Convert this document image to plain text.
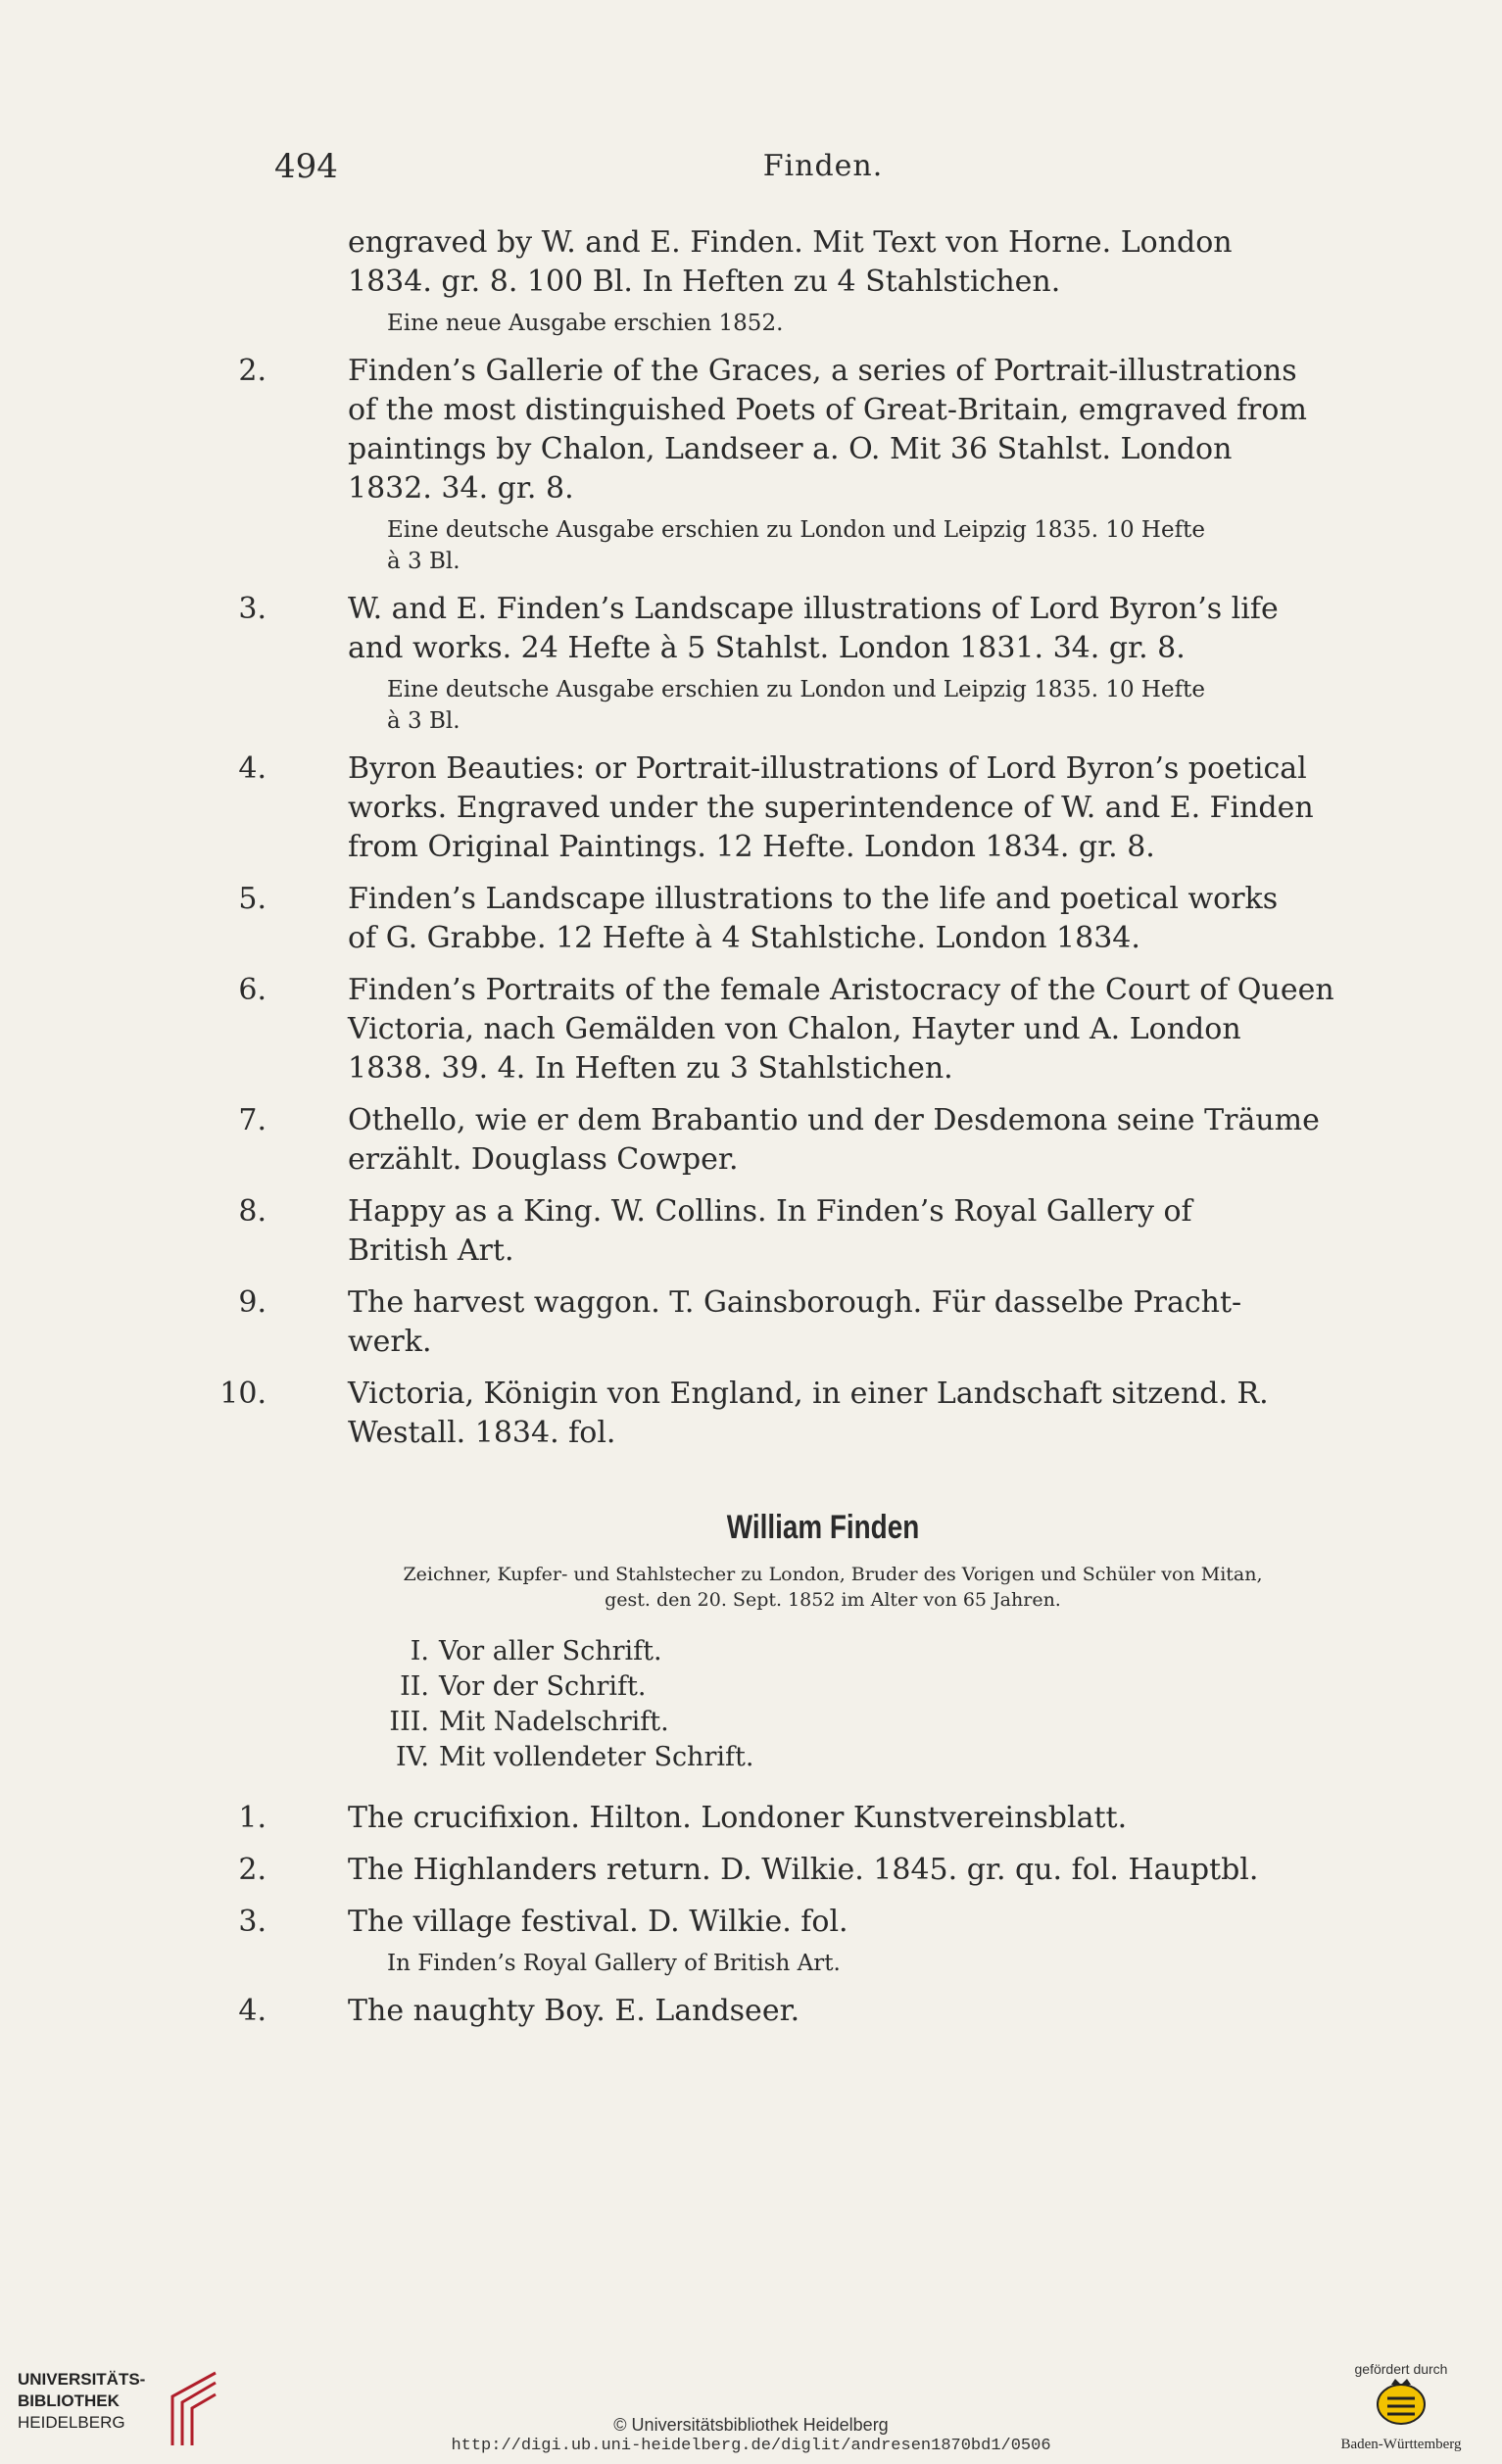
494	Finden.
engraved by W. and E. Finden. Mit Text von Horne. London
1834. gr. 8. 100 Bl. In Heften zu 4 Stahlstichen.
Eine neue Ausgabe erschien 1852.
2.	Finden’s Gallerie of the Graces, a series of Portrait-illustrations
of the most distinguished Poets of Great-Britain, emgraved from
paintings by Chalon, Landseer a. O. Mit 36 Stahlst. London
1832. 34. gr. 8.
Eine deutsche Ausgabe erschien zu London und Leipzig 1835. 10 Hefte
à 3 Bl.
3.	W. and E. Finden’s Landscape illustrations of Lord Byron’s life
and works. 24 Hefte à 5 Stahlst. London 1831. 34. gr. 8.
Eine deutsche Ausgabe erschien zu London und Leipzig 1835. 10 Hefte
à 3 Bl.
4.	Byron Beauties: or Portrait-illustrations of Lord Byron’s poetical
works. Engraved under the superintendence of W. and E. Finden
from Original Paintings. 12 Hefte. London 1834. gr. 8.
5.	Finden’s Landscape illustrations to the life and poetical works
of G. Grabbe. 12 Hefte à 4 Stahlstiche. London 1834.
6.	Finden’s Portraits of the female Aristocracy of the Court of Queen
Victoria, nach Gemälden von Chalon, Hayter und A. London
1838. 39. 4. In Heften zu 3 Stahlstichen.
7.	Othello, wie er dem Brabantio und der Desdemona seine Träume
erzählt. Douglass Cowper.
8.	Happy as a King. W. Collins. In Finden’s Royal Gallery of
British Art.
9.	The harvest waggon. T. Gainsborough. Für dasselbe Pracht-
werk.
10.	Victoria, Königin von England, in einer Landschaft sitzend. R.
Westall. 1834. fol.
William Finden
Zeichner, Kupfer- und Stahlstecher zu London, Bruder des Vorigen und Schüler von Mitan,
gest. den 20. Sept. 1852 im Alter von 65 Jahren.
I. Vor aller Schrift.
II. Vor der Schrift.
III. Mit Nadelschrift.
IV. Mit vollendeter Schrift.
1.	The crucifixion. Hilton. Londoner Kunstvereinsblatt.
2.	The Highlanders return. D. Wilkie. 1845. gr. qu. fol. Hauptbl.
3.	The village festival. D. Wilkie. fol.
In Finden’s Royal Gallery of British Art.
4.	The naughty Boy. E. Landseer.
UNIVERSITÄTS-
BIBLIOTHEK
HEIDELBERG	© Universitätsbibliothek Heidelberg
http://digi.ub.uni-heidelberg.de/diglit/andresen1870bd1/0506
gefördert durch
Baden-Württemberg
